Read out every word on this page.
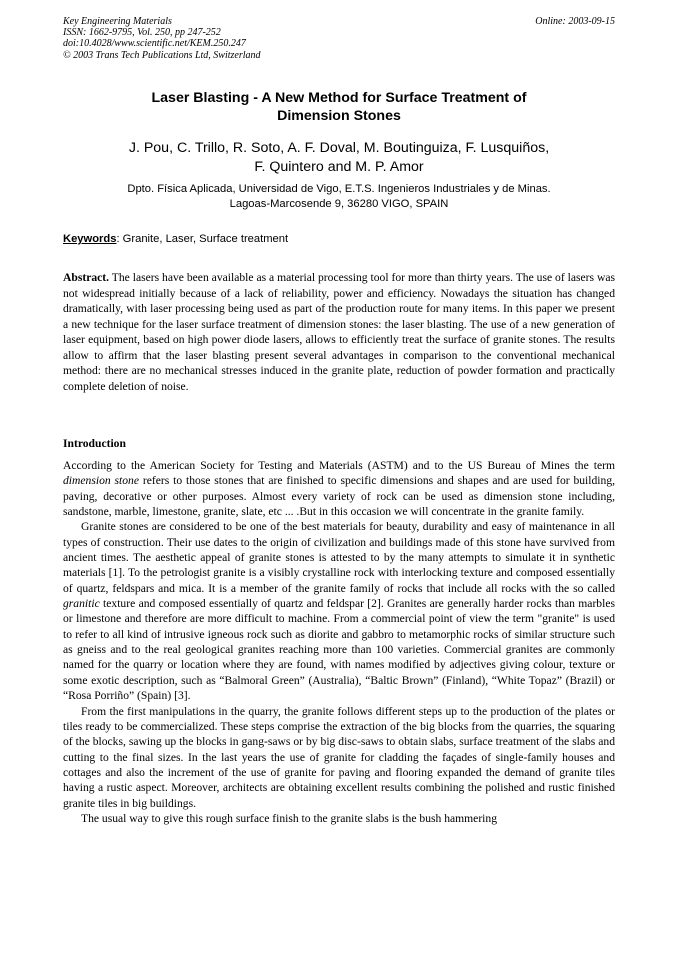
Key Engineering Materials
ISSN: 1662-9795, Vol. 250, pp 247-252
doi:10.4028/www.scientific.net/KEM.250.247
© 2003 Trans Tech Publications Ltd, Switzerland
Online: 2003-09-15
Laser Blasting - A New Method for Surface Treatment of
Dimension Stones
J. Pou, C. Trillo, R. Soto, A. F. Doval, M. Boutinguiza, F. Lusquiños,
F. Quintero and M. P. Amor
Dpto. Física Aplicada, Universidad de Vigo, E.T.S. Ingenieros Industriales y de Minas.
Lagoas-Marcosende 9, 36280 VIGO, SPAIN
Keywords: Granite, Laser, Surface treatment
Abstract. The lasers have been available as a material processing tool for more than thirty years. The use of lasers was not widespread initially because of a lack of reliability, power and efficiency. Nowadays the situation has changed dramatically, with laser processing being used as part of the production route for many items. In this paper we present a new technique for the laser surface treatment of dimension stones: the laser blasting. The use of a new generation of laser equipment, based on high power diode lasers, allows to efficiently treat the surface of granite stones. The results allow to affirm that the laser blasting present several advantages in comparison to the conventional mechanical method: there are no mechanical stresses induced in the granite plate, reduction of powder formation and practically complete deletion of noise.
Introduction

According to the American Society for Testing and Materials (ASTM) and to the US Bureau of Mines the term dimension stone refers to those stones that are finished to specific dimensions and shapes and are used for building, paving, decorative or other purposes. Almost every variety of rock can be used as dimension stone including, sandstone, marble, limestone, granite, slate, etc ... .But in this occasion we will concentrate in the granite family.

Granite stones are considered to be one of the best materials for beauty, durability and easy of maintenance in all types of construction. Their use dates to the origin of civilization and buildings made of this stone have survived from ancient times. The aesthetic appeal of granite stones is attested to by the many attempts to simulate it in synthetic materials [1]. To the petrologist granite is a visibly crystalline rock with interlocking texture and composed essentially of quartz, feldspars and mica. It is a member of the granite family of rocks that include all rocks with the so called granitic texture and composed essentially of quartz and feldspar [2]. Granites are generally harder rocks than marbles or limestone and therefore are more difficult to machine. From a commercial point of view the term "granite" is used to refer to all kind of intrusive igneous rock such as diorite and gabbro to metamorphic rocks of similar structure such as gneiss and to the real geological granites reaching more than 100 varieties. Commercial granites are commonly named for the quarry or location where they are found, with names modified by adjectives giving colour, texture or some exotic description, such as “Balmoral Green” (Australia), “Baltic Brown” (Finland), “White Topaz” (Brazil) or “Rosa Porriño” (Spain) [3].

From the first manipulations in the quarry, the granite follows different steps up to the production of the plates or tiles ready to be commercialized. These steps comprise the extraction of the big blocks from the quarries, the squaring of the blocks, sawing up the blocks in gang-saws or by big disc-saws to obtain slabs, surface treatment of the slabs and cutting to the final sizes. In the last years the use of granite for cladding the façades of single-family houses and cottages and also the increment of the use of granite for paving and flooring expanded the demand of granite tiles having a rustic aspect. Moreover, architects are obtaining excellent results combining the polished and rustic finished granite tiles in big buildings.

The usual way to give this rough surface finish to the granite slabs is the bush hammering
